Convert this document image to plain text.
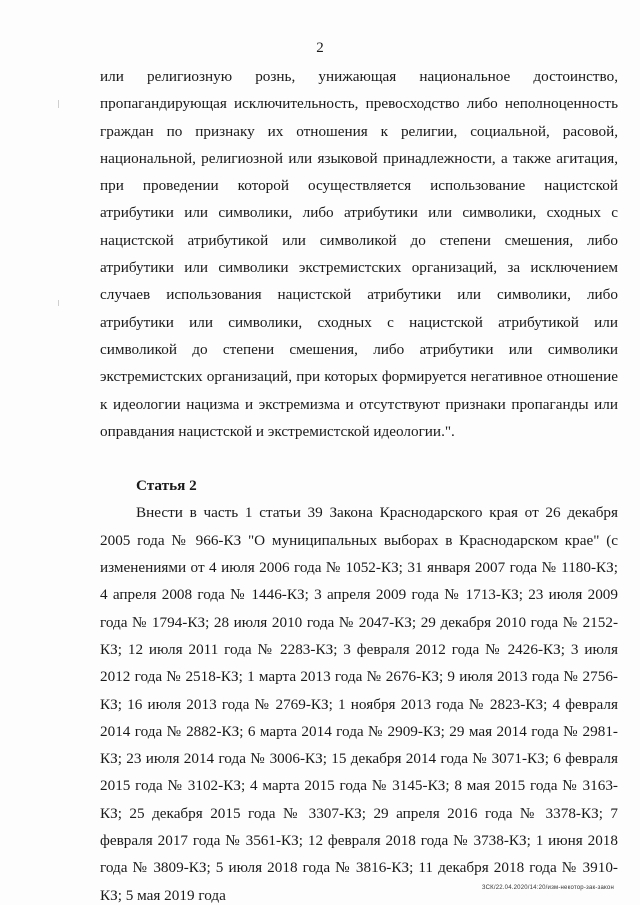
2

или религиозную рознь, унижающая национальное достоинство, пропагандирующая исключительность, превосходство либо неполноценность граждан по признаку их отношения к религии, социальной, расовой, национальной, религиозной или языковой принадлежности, а также агитация, при проведении которой осуществляется использование нацистской атрибутики или символики, либо атрибутики или символики, сходных с нацистской атрибутикой или символикой до степени смешения, либо атрибутики или символики экстремистских организаций, за исключением случаев использования нацистской атрибутики или символики, либо атрибутики или символики, сходных с нацистской атрибутикой или символикой до степени смешения, либо атрибутики или символики экстремистских организаций, при которых формируется негативное отношение к идеологии нацизма и экстремизма и отсутствуют признаки пропаганды или оправдания нацистской и экстремистской идеологии.".

Статья 2

Внести в часть 1 статьи 39 Закона Краснодарского края от 26 декабря 2005 года № 966-КЗ "О муниципальных выборах в Краснодарском крае" (с изменениями от 4 июля 2006 года № 1052-КЗ; 31 января 2007 года № 1180-КЗ; 4 апреля 2008 года № 1446-КЗ; 3 апреля 2009 года № 1713-КЗ; 23 июля 2009 года № 1794-КЗ; 28 июля 2010 года № 2047-КЗ; 29 декабря 2010 года № 2152-КЗ; 12 июля 2011 года № 2283-КЗ; 3 февраля 2012 года № 2426-КЗ; 3 июля 2012 года № 2518-КЗ; 1 марта 2013 года № 2676-КЗ; 9 июля 2013 года № 2756-КЗ; 16 июля 2013 года № 2769-КЗ; 1 ноября 2013 года № 2823-КЗ; 4 февраля 2014 года № 2882-КЗ; 6 марта 2014 года № 2909-КЗ; 29 мая 2014 года № 2981-КЗ; 23 июля 2014 года № 3006-КЗ; 15 декабря 2014 года № 3071-КЗ; 6 февраля 2015 года № 3102-КЗ; 4 марта 2015 года № 3145-КЗ; 8 мая 2015 года № 3163-КЗ; 25 декабря 2015 года № 3307-КЗ; 29 апреля 2016 года № 3378-КЗ; 7 февраля 2017 года № 3561-КЗ; 12 февраля 2018 года № 3738-КЗ; 1 июня 2018 года № 3809-КЗ; 5 июля 2018 года № 3816-КЗ; 11 декабря 2018 года № 3910-КЗ; 5 мая 2019 года	ЗСК/22.04.2020/14:20/изм-некотор-зак-закон
